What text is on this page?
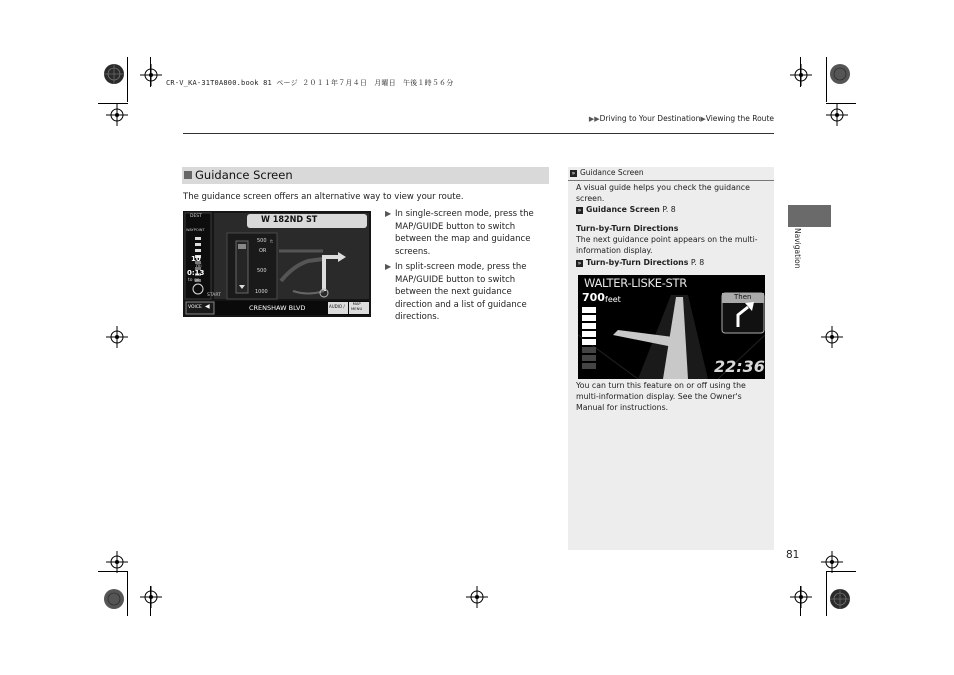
CR-V_KA-31T0A800.book 81 ページ ２０１１年７月４日　月曜日　午後１時５６分
▶▶Driving to Your Destination▶Viewing the Route
Guidance Screen
The guidance screen offers an alternative way to view your route.
W 182ND ST
DEST
WAYPOINT
10
mi
0:13
to go
START
500 ft
OR
500
1000
VOICE ◀	CRENSHAW BLVD	AUDIO /
MAP
MENU
▶ In single-screen mode, press the MAP/GUIDE button to switch between the map and guidance screens.
▶ In split-screen mode, press the MAP/GUIDE button to switch between the next guidance direction and a list of guidance directions.
» Guidance Screen
A visual guide helps you check the guidance screen.
» Guidance Screen P. 8
Turn-by-Turn Directions
The next guidance point appears on the multi-information display.
» Turn-by-Turn Directions P. 8
WALTER-LISKE-STR
700 feet	Then
22:36
You can turn this feature on or off using the multi-information display. See the Owner's Manual for instructions.
Navigation
81
